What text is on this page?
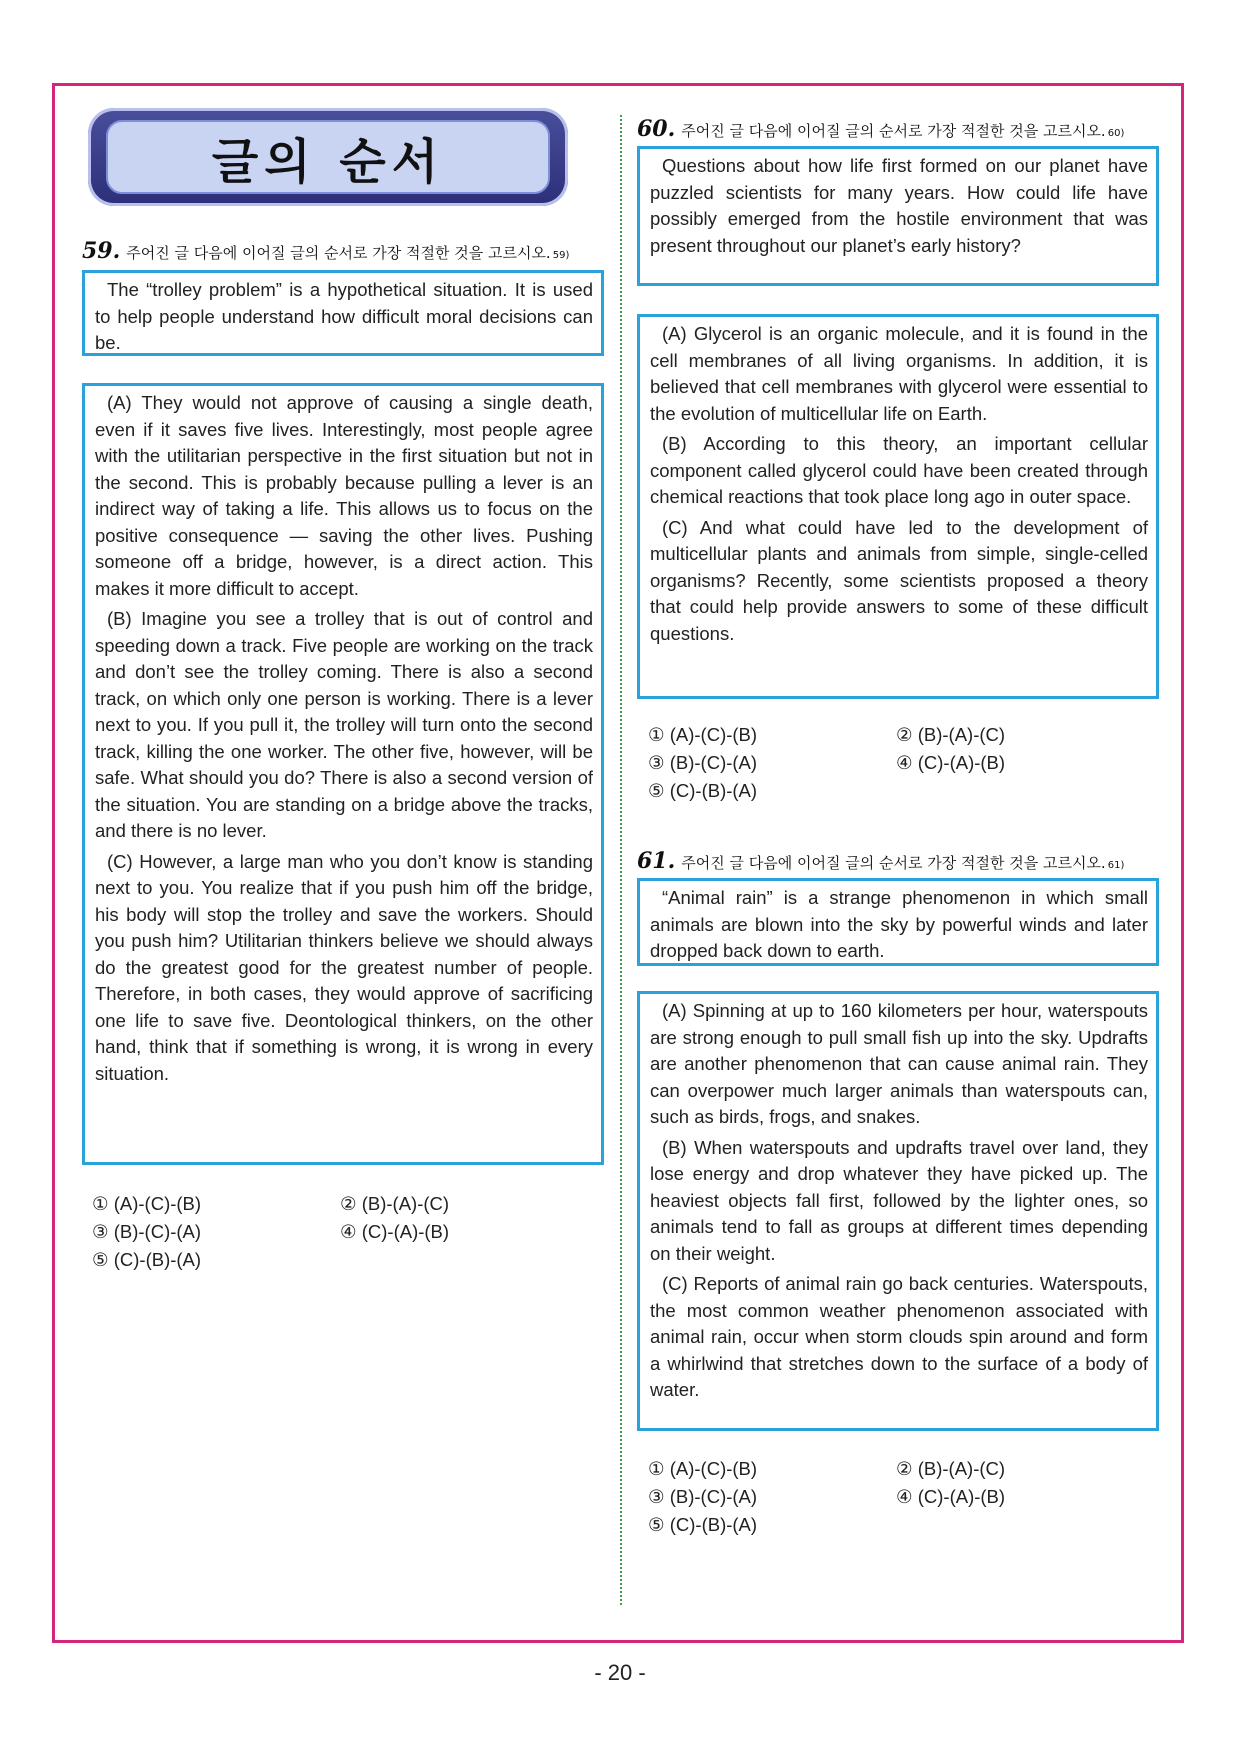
글의 순서
59. 주어진 글 다음에 이어질 글의 순서로 가장 적절한 것을 고르시오. 59)

The “trolley problem” is a hypothetical situation. It is used to help people understand how difficult moral decisions can be.

(A) They would not approve of causing a single death, even if it saves five lives. Interestingly, most people agree with the utilitarian perspective in the first situation but not in the second. This is probably because pulling a lever is an indirect way of taking a life. This allows us to focus on the positive consequence — saving the other lives. Pushing someone off a bridge, however, is a direct action. This makes it more difficult to accept.

(B) Imagine you see a trolley that is out of control and speeding down a track. Five people are working on the track and don’t see the trolley coming. There is also a second track, on which only one person is working. There is a lever next to you. If you pull it, the trolley will turn onto the second track, killing the one worker. The other five, however, will be safe. What should you do? There is also a second version of the situation. You are standing on a bridge above the tracks, and there is no lever.

(C) However, a large man who you don’t know is standing next to you. You realize that if you push him off the bridge, his body will stop the trolley and save the workers. Should you push him? Utilitarian thinkers believe we should always do the greatest good for the greatest number of people. Therefore, in both cases, they would approve of sacrificing one life to save five. Deontological thinkers, on the other hand, think that if something is wrong, it is wrong in every situation.

① (A)-(C)-(B)	② (B)-(A)-(C)
③ (B)-(C)-(A)	④ (C)-(A)-(B)
⑤ (C)-(B)-(A)
60. 주어진 글 다음에 이어질 글의 순서로 가장 적절한 것을 고르시오. 60)

Questions about how life first formed on our planet have puzzled scientists for many years. How could life have possibly emerged from the hostile environment that was present throughout our planet’s early history?

(A) Glycerol is an organic molecule, and it is found in the cell membranes of all living organisms. In addition, it is believed that cell membranes with glycerol were essential to the evolution of multicellular life on Earth.

(B) According to this theory, an important cellular component called glycerol could have been created through chemical reactions that took place long ago in outer space.

(C) And what could have led to the development of multicellular plants and animals from simple, single-celled organisms? Recently, some scientists proposed a theory that could help provide answers to some of these difficult questions.

① (A)-(C)-(B)	② (B)-(A)-(C)
③ (B)-(C)-(A)	④ (C)-(A)-(B)
⑤ (C)-(B)-(A)
61. 주어진 글 다음에 이어질 글의 순서로 가장 적절한 것을 고르시오. 61)

“Animal rain” is a strange phenomenon in which small animals are blown into the sky by powerful winds and later dropped back down to earth.

(A) Spinning at up to 160 kilometers per hour, waterspouts are strong enough to pull small fish up into the sky. Updrafts are another phenomenon that can cause animal rain. They can overpower much larger animals than waterspouts can, such as birds, frogs, and snakes.

(B) When waterspouts and updrafts travel over land, they lose energy and drop whatever they have picked up. The heaviest objects fall first, followed by the lighter ones, so animals tend to fall as groups at different times depending on their weight.

(C) Reports of animal rain go back centuries. Waterspouts, the most common weather phenomenon associated with animal rain, occur when storm clouds spin around and form a whirlwind that stretches down to the surface of a body of water.

① (A)-(C)-(B)	② (B)-(A)-(C)
③ (B)-(C)-(A)	④ (C)-(A)-(B)
⑤ (C)-(B)-(A)
- 20 -
